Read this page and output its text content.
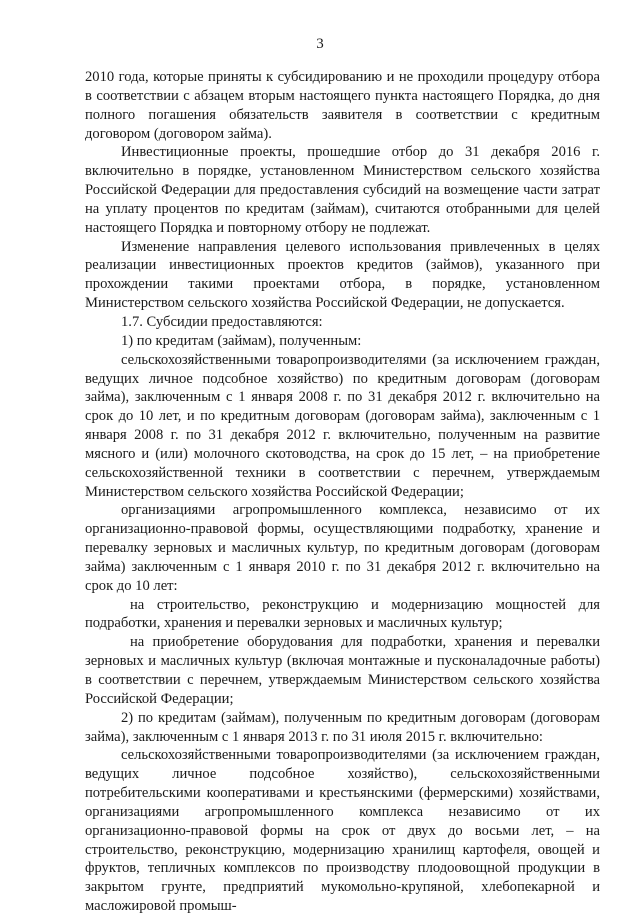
3

2010 года, которые приняты к субсидированию и не проходили процедуру отбора в соответствии с абзацем вторым настоящего пункта настоящего Порядка, до дня полного погашения обязательств заявителя в соответствии с кредитным договором (договором займа).

Инвестиционные проекты, прошедшие отбор до 31 декабря 2016 г. включительно в порядке, установленном Министерством сельского хозяйства Российской Федерации для предоставления субсидий на возмещение части затрат на уплату процентов по кредитам (займам), считаются отобранными для целей настоящего Порядка и повторному отбору не подлежат.

Изменение направления целевого использования привлеченных в целях реализации инвестиционных проектов кредитов (займов), указанного при прохождении такими проектами отбора, в порядке, установленном Министерством сельского хозяйства Российской Федерации, не допускается.

1.7. Субсидии предоставляются:

1) по кредитам (займам), полученным:

сельскохозяйственными товаропроизводителями (за исключением граждан, ведущих личное подсобное хозяйство) по кредитным договорам (договорам займа), заключенным с 1 января 2008 г. по 31 декабря 2012 г. включительно на срок до 10 лет, и по кредитным договорам (договорам займа), заключенным с 1 января 2008 г. по 31 декабря 2012 г. включительно, полученным на развитие мясного и (или) молочного скотоводства, на срок до 15 лет, – на приобретение сельскохозяйственной техники в соответствии с перечнем, утверждаемым Министерством сельского хозяйства Российской Федерации;

организациями агропромышленного комплекса, независимо от их организационно-правовой формы, осуществляющими подработку, хранение и перевалку зерновых и масличных культур, по кредитным договорам (договорам займа) заключенным с 1 января 2010 г. по 31 декабря 2012 г. включительно на срок до 10 лет:

на строительство, реконструкцию и модернизацию мощностей для подработки, хранения и перевалки зерновых и масличных культур;

на приобретение оборудования для подработки, хранения и перевалки зерновых и масличных культур (включая монтажные и пусконаладочные работы) в соответствии с перечнем, утверждаемым Министерством сельского хозяйства Российской Федерации;

2) по кредитам (займам), полученным по кредитным договорам (договорам займа), заключенным с 1 января 2013 г. по 31 июля 2015 г. включительно:

сельскохозяйственными товаропроизводителями (за исключением граждан, ведущих личное подсобное хозяйство), сельскохозяйственными потребительскими кооперативами и крестьянскими (фермерскими) хозяйствами, организациями агропромышленного комплекса независимо от их организационно-правовой формы на срок от двух до восьми лет, – на строительство, реконструкцию, модернизацию хранилищ картофеля, овощей и фруктов, тепличных комплексов по производству плодоовощной продукции в закрытом грунте, предприятий мукомольно-крупяной, хлебопекарной и масложировой промыш-
